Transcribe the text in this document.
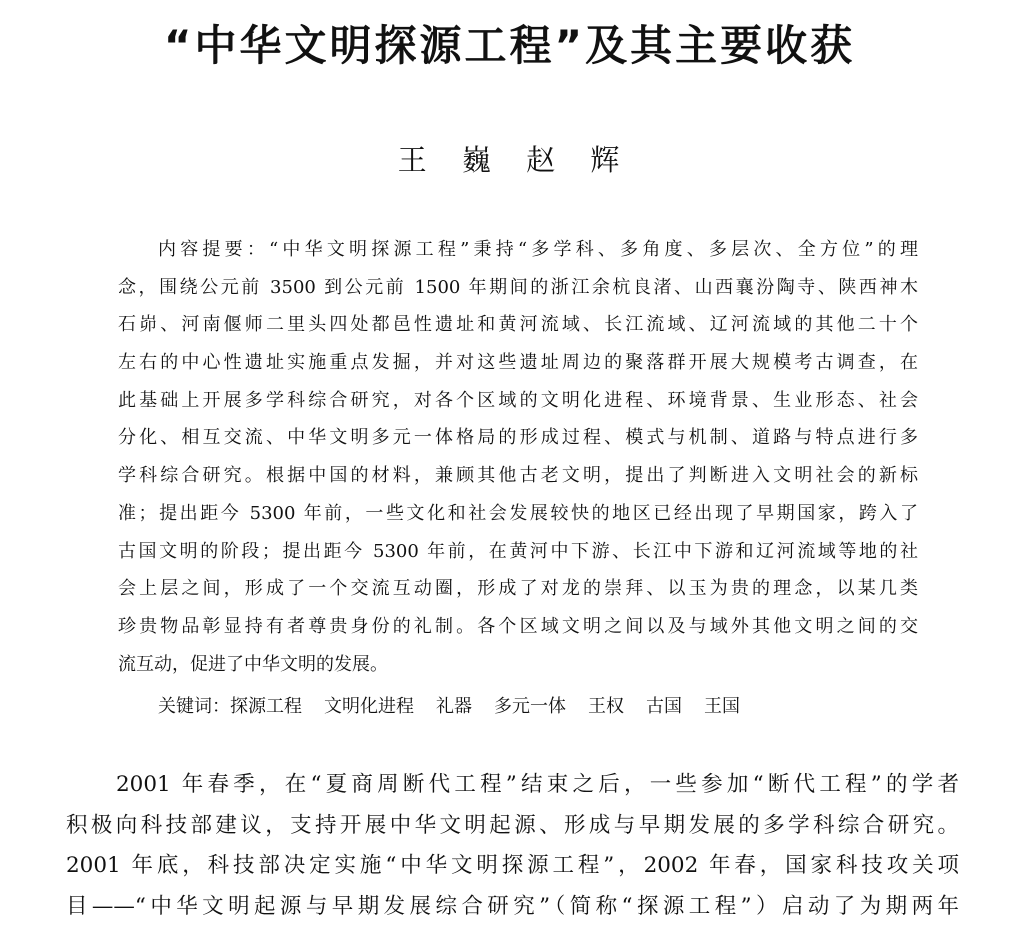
“中华文明探源工程”及其主要收获
王 巍 赵 辉
内容提要：“中华文明探源工程”秉持“多学科、多角度、多层次、全方位”的理
念，围绕公元前 3500 到公元前 1500 年期间的浙江余杭良渚、山西襄汾陶寺、陕西神木
石峁、河南偃师二里头四处都邑性遗址和黄河流域、长江流域、辽河流域的其他二十个
左右的中心性遗址实施重点发掘，并对这些遗址周边的聚落群开展大规模考古调查，在
此基础上开展多学科综合研究，对各个区域的文明化进程、环境背景、生业形态、社会
分化、相互交流、中华文明多元一体格局的形成过程、模式与机制、道路与特点进行多
学科综合研究。根据中国的材料，兼顾其他古老文明，提出了判断进入文明社会的新标
准；提出距今 5300 年前，一些文化和社会发展较快的地区已经出现了早期国家，跨入了
古国文明的阶段；提出距今 5300 年前，在黄河中下游、长江中下游和辽河流域等地的社
会上层之间，形成了一个交流互动圈，形成了对龙的崇拜、以玉为贵的理念，以某几类
珍贵物品彰显持有者尊贵身份的礼制。各个区域文明之间以及与域外其他文明之间的交
流互动，促进了中华文明的发展。
关键词：探源工程 文明化进程 礼器 多元一体 王权 古国 王国
2001 年春季，在“夏商周断代工程”结束之后，一些参加“断代工程”的学者
积极向科技部建议，支持开展中华文明起源、形成与早期发展的多学科综合研究。
2001 年底，科技部决定实施“中华文明探源工程”，2002 年春，国家科技攻关项
目——“中华文明起源与早期发展综合研究”（简称“探源工程”）启动了为期两年
